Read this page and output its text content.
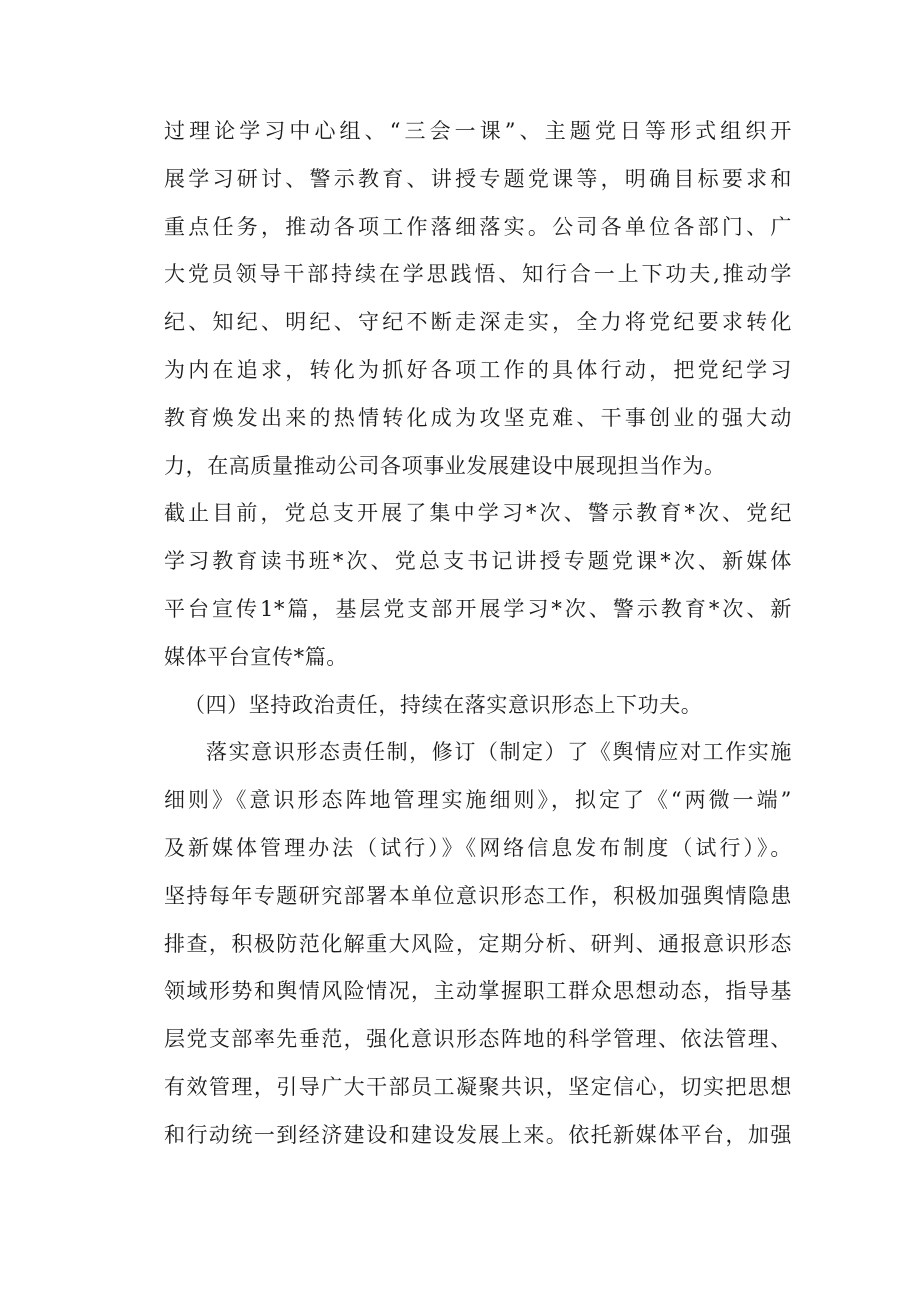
过理论学习中心组、“三会一课”、主题党日等形式组织开
展学习研讨、警示教育、讲授专题党课等，明确目标要求和
重点任务，推动各项工作落细落实。公司各单位各部门、广
大党员领导干部持续在学思践悟、知行合一上下功夫,推动学
纪、知纪、明纪、守纪不断走深走实，全力将党纪要求转化
为内在追求，转化为抓好各项工作的具体行动，把党纪学习
教育焕发出来的热情转化成为攻坚克难、干事创业的强大动
力，在高质量推动公司各项事业发展建设中展现担当作为。
截止目前，党总支开展了集中学习*次、警示教育*次、党纪
学习教育读书班*次、党总支书记讲授专题党课*次、新媒体
平台宣传1*篇，基层党支部开展学习*次、警示教育*次、新
媒体平台宣传*篇。
（四）坚持政治责任，持续在落实意识形态上下功夫。
落实意识形态责任制，修订（制定）了《舆情应对工作实施
细则》《意识形态阵地管理实施细则》，拟定了《“两微一端”
及新媒体管理办法（试行）》《网络信息发布制度（试行）》。
坚持每年专题研究部署本单位意识形态工作，积极加强舆情隐患
排查，积极防范化解重大风险，定期分析、研判、通报意识形态
领域形势和舆情风险情况，主动掌握职工群众思想动态，指导基
层党支部率先垂范，强化意识形态阵地的科学管理、依法管理、
有效管理，引导广大干部员工凝聚共识，坚定信心，切实把思想
和行动统一到经济建设和建设发展上来。依托新媒体平台，加强
